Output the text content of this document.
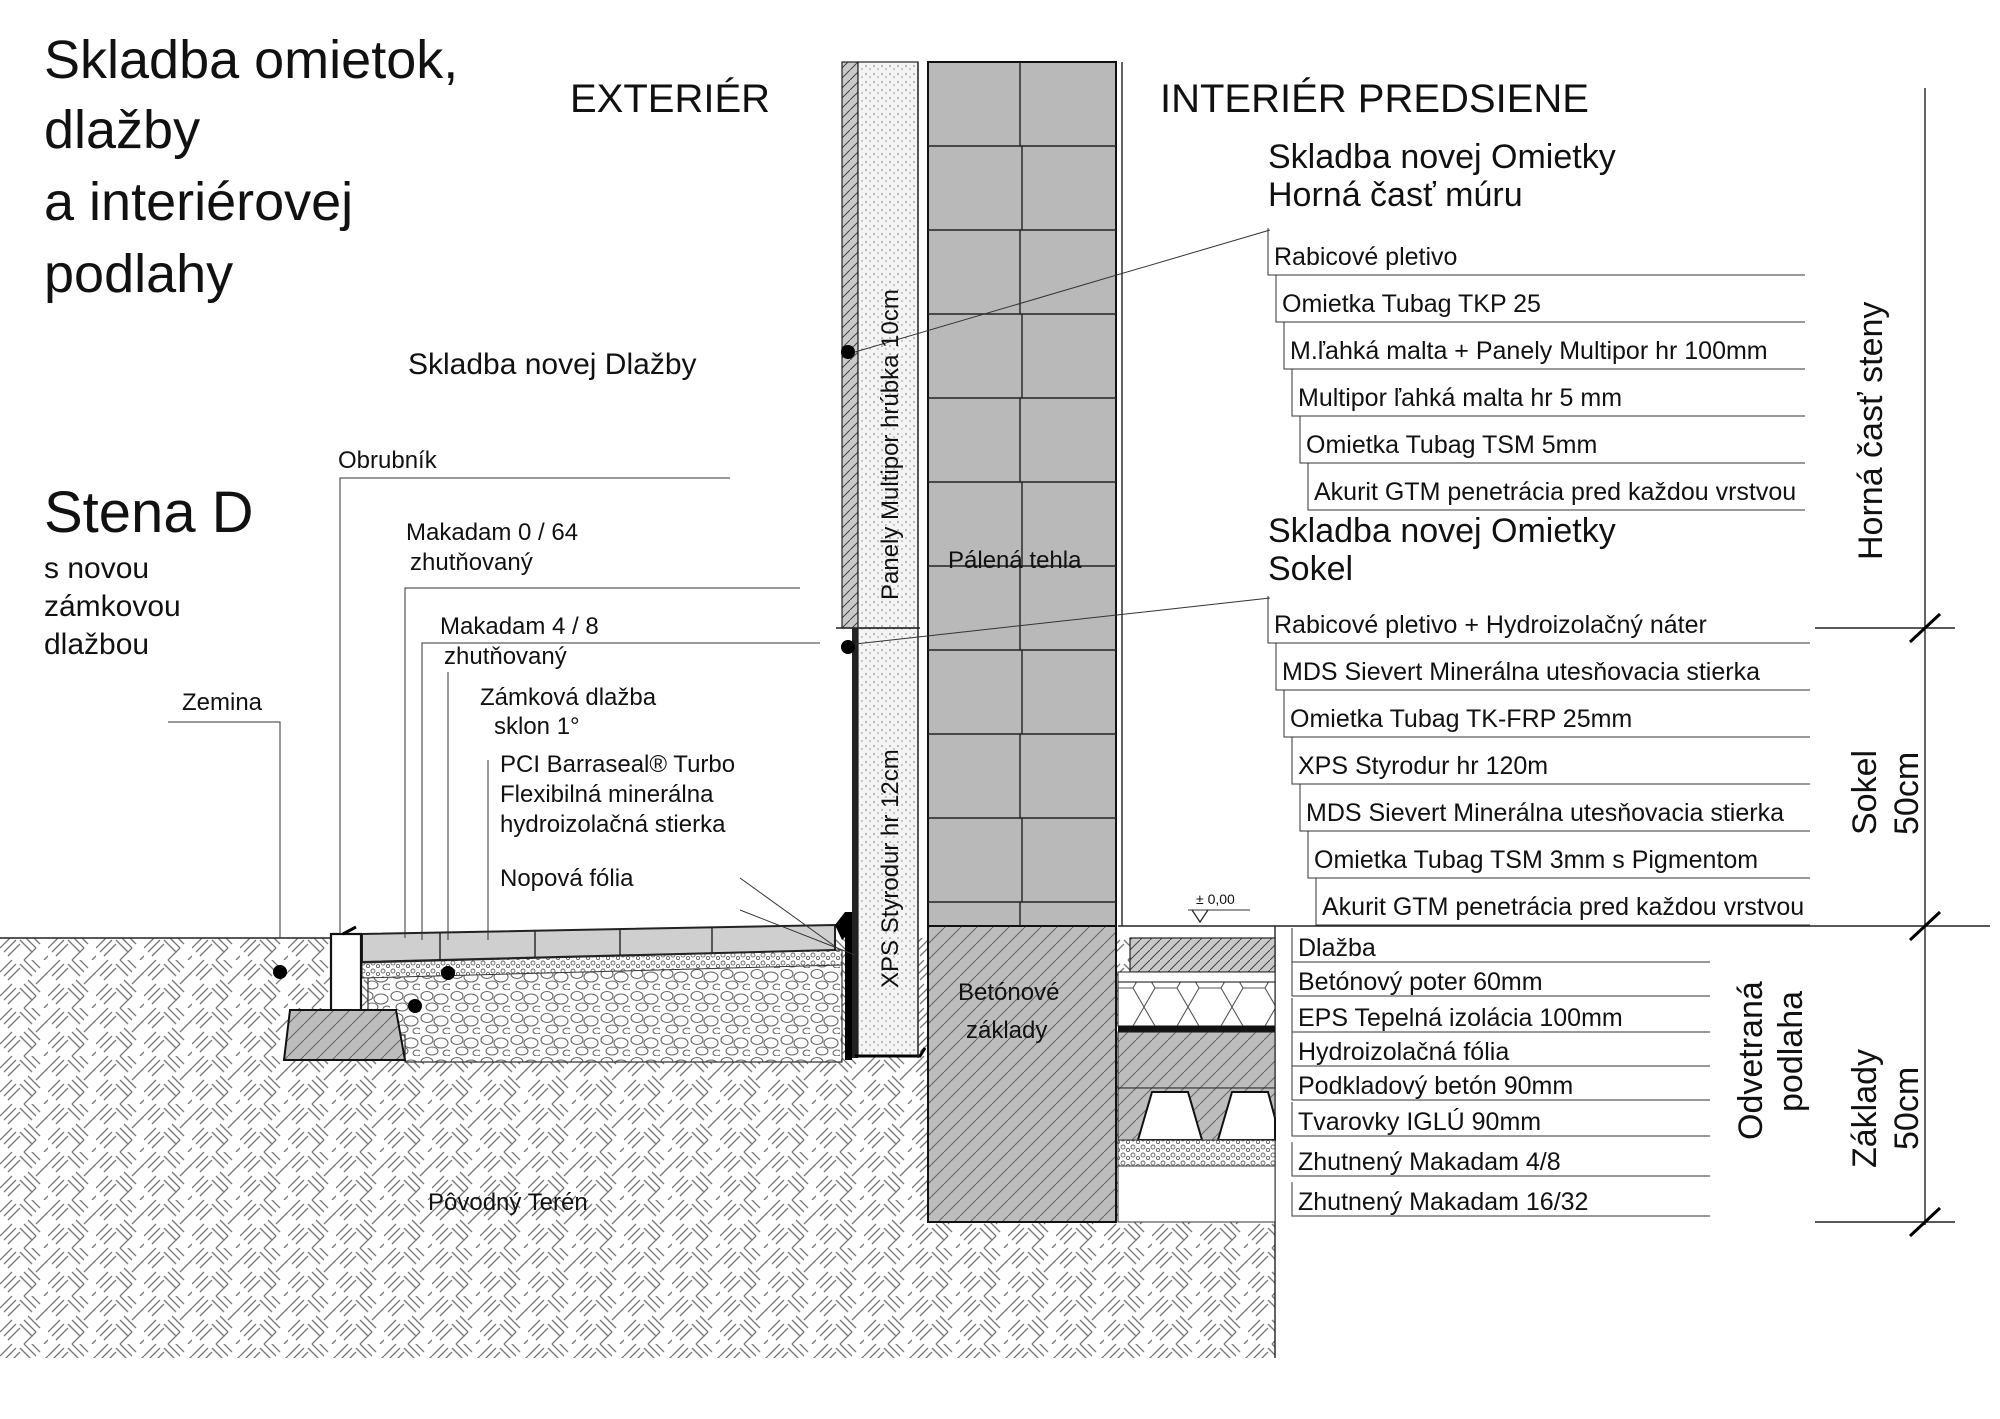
Skladba omietok,
dlažby
a interiérovej
podlahy
Stena D
s novou
zámkovou
dlažbou
EXTERIÉR	INTERIÉR PREDSIENE
Skladba novej Dlažby
Obrubník
Makadam 0 / 64
zhutňovaný
Makadam 4 / 8
zhutňovaný
Zámková dlažba
sklon 1°
PCI Barraseal® Turbo
Flexibilná minerálna
hydroizolačná stierka
Nopová fólia
Zemina
Panely Multipor hrúbka 10cm
XPS Styrodur hr 12cm
Pálená tehla
Betónové
základy
Pôvodný Terén
± 0,00
Skladba novej Omietky
Horná časť múru
Rabicové pletivo
Omietka Tubag TKP 25
M.ľahká malta + Panely Multipor hr 100mm
Multipor ľahká malta hr 5 mm
Omietka Tubag TSM 5mm
Akurit GTM penetrácia pred každou vrstvou
Skladba novej Omietky
Sokel
Rabicové pletivo + Hydroizolačný náter
MDS Sievert Minerálna utesňovacia stierka
Omietka Tubag TK-FRP 25mm
XPS Styrodur hr 120m
MDS Sievert Minerálna utesňovacia stierka
Omietka Tubag TSM 3mm s Pigmentom
Akurit GTM penetrácia pred každou vrstvou
Dlažba
Betónový poter 60mm
EPS Tepelná izolácia 100mm
Hydroizolačná fólia
Podkladový betón 90mm
Tvarovky IGLÚ 90mm
Zhutnený Makadam 4/8
Zhutnený Makadam 16/32
Horná časť steny
Sokel 50cm
Odvetraná podlaha Základy 50cm
